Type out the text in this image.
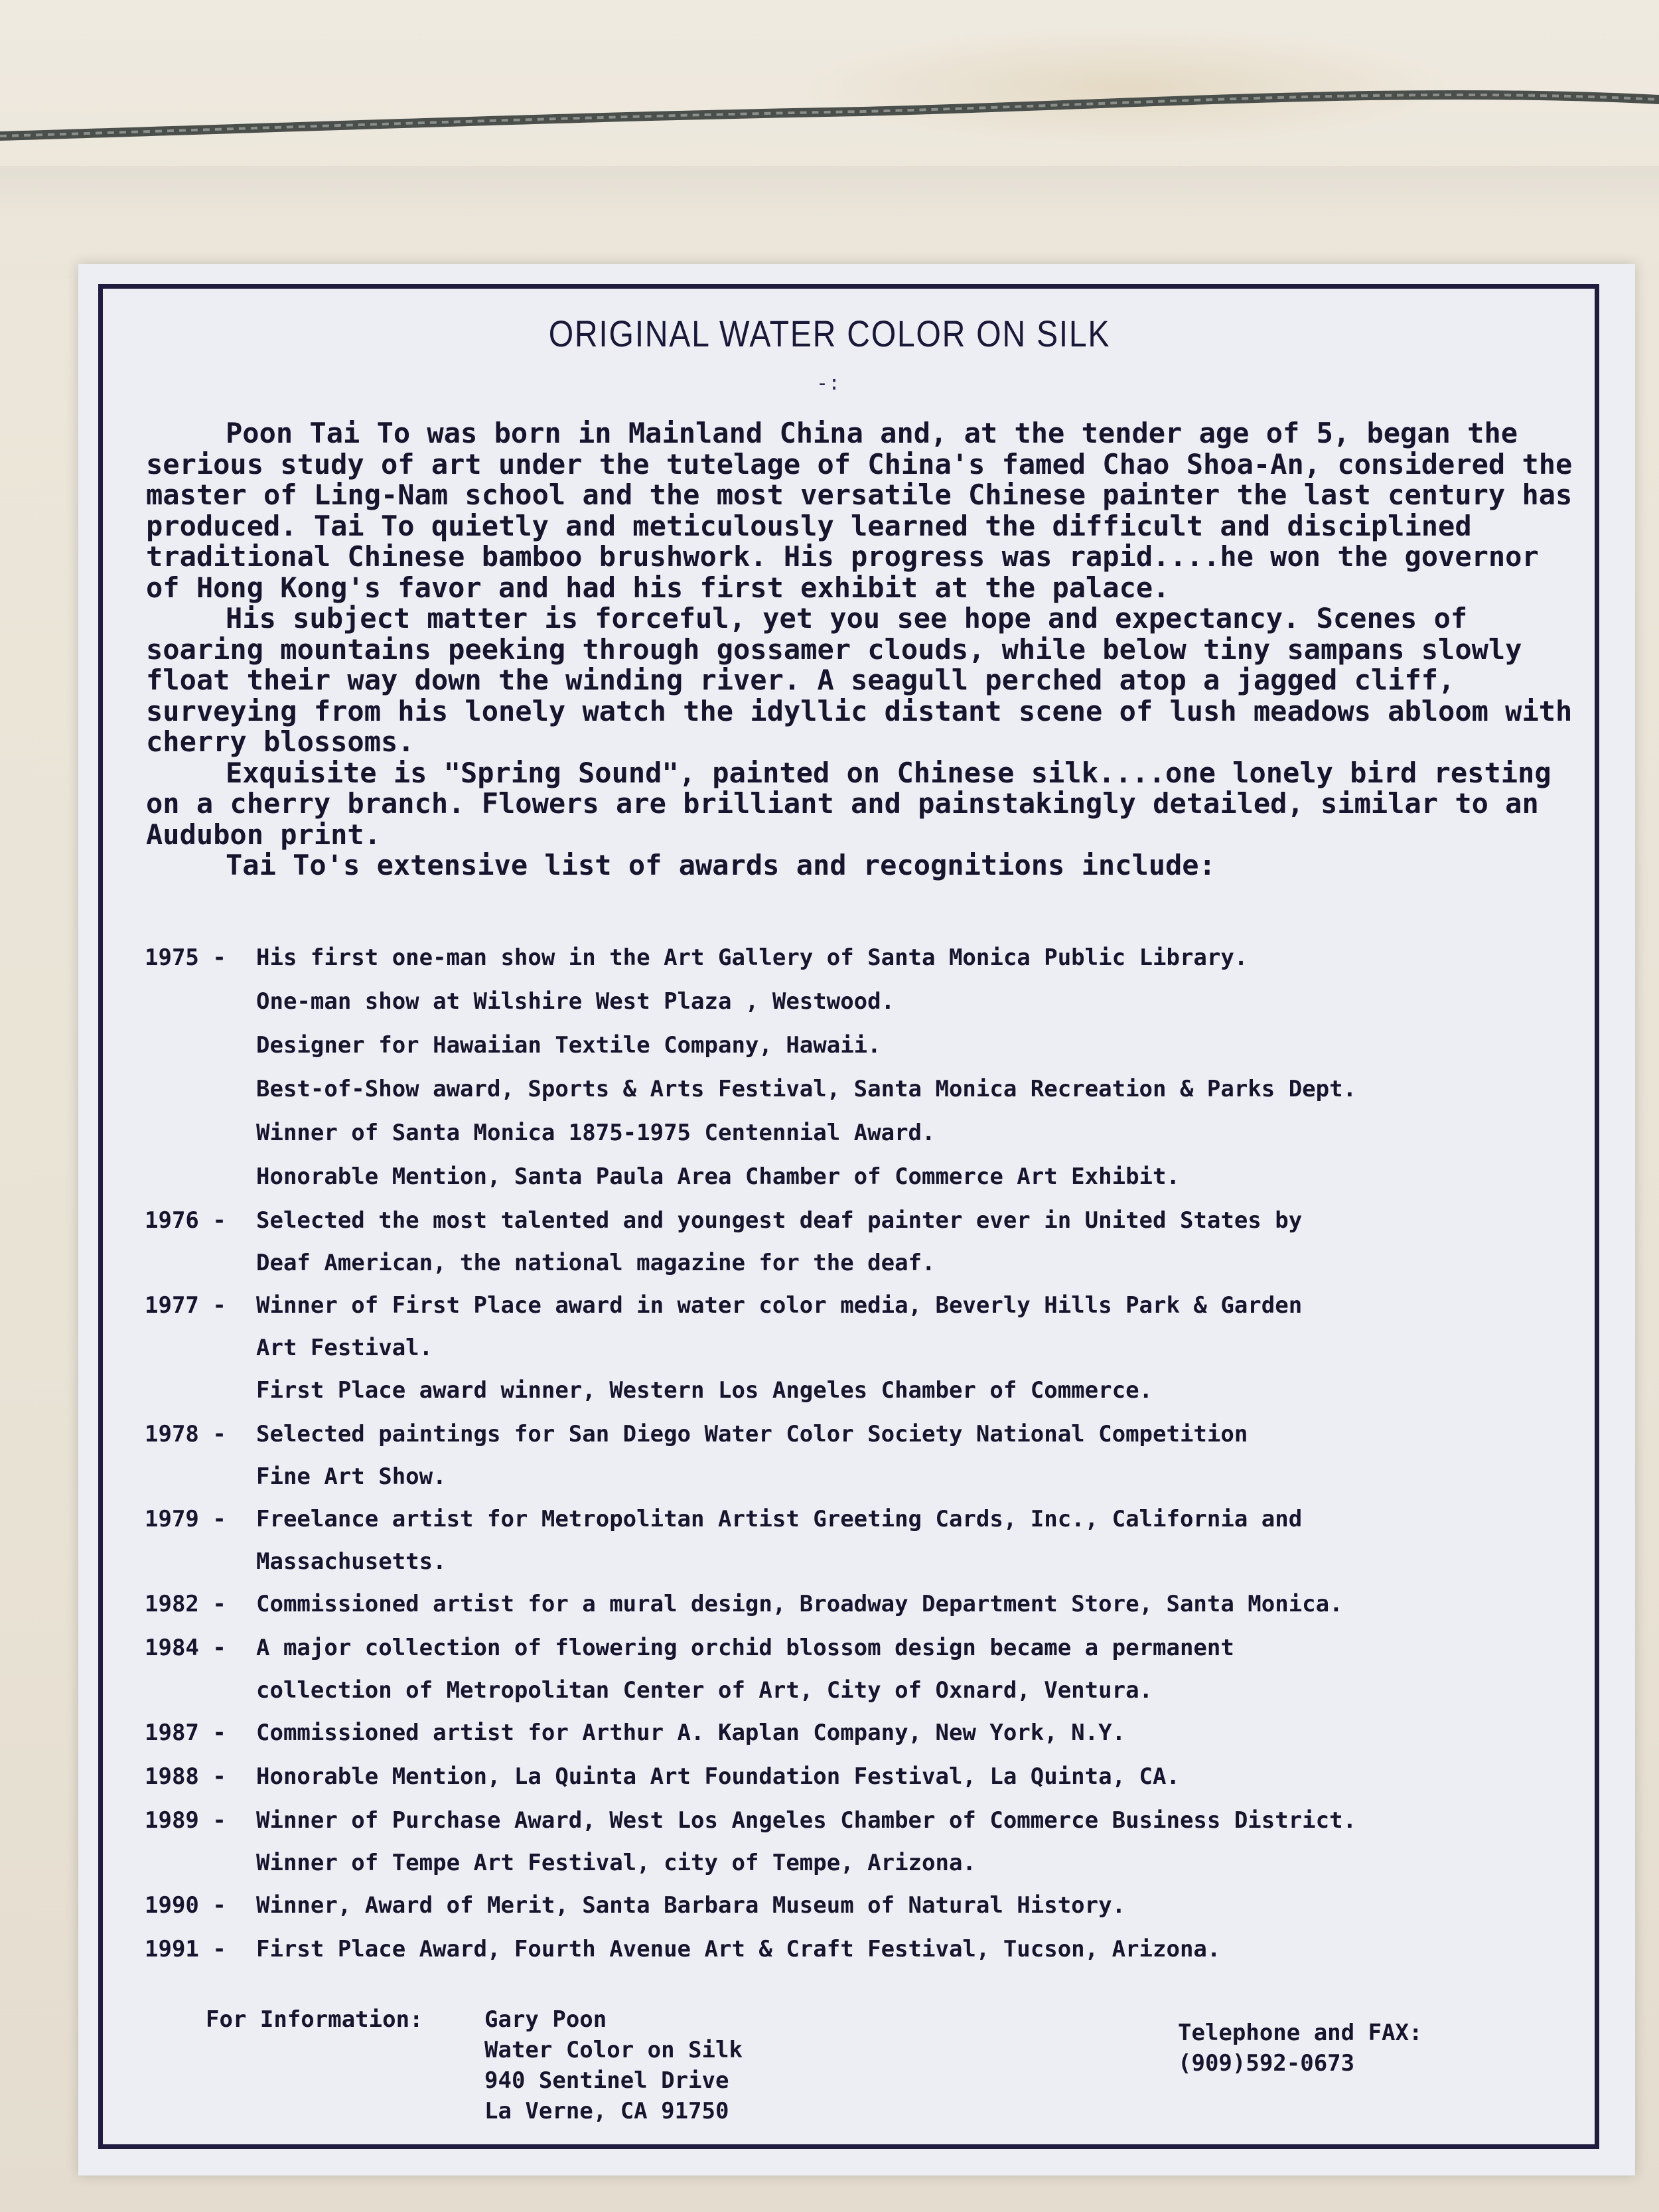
ORIGINAL WATER COLOR ON SILK
-:

Poon Tai To was born in Mainland China and, at the tender age of 5, began the serious study of art under the tutelage of China's famed Chao Shoa-An, considered the master of Ling-Nam school and the most versatile Chinese painter the last century has produced. Tai To quietly and meticulously learned the difficult and disciplined traditional Chinese bamboo brushwork. His progress was rapid....he won the governor of Hong Kong's favor and had his first exhibit at the palace.

His subject matter is forceful, yet you see hope and expectancy. Scenes of soaring mountains peeking through gossamer clouds, while below tiny sampans slowly float their way down the winding river. A seagull perched atop a jagged cliff, surveying from his lonely watch the idyllic distant scene of lush meadows abloom with cherry blossoms.

Exquisite is "Spring Sound", painted on Chinese silk....one lonely bird resting on a cherry branch. Flowers are brilliant and painstakingly detailed, similar to an Audubon print.

Tai To's extensive list of awards and recognitions include:

1975 -	His first one-man show in the Art Gallery of Santa Monica Public Library.
One-man show at Wilshire West Plaza , Westwood.
Designer for Hawaiian Textile Company, Hawaii.
Best-of-Show award, Sports & Arts Festival, Santa Monica Recreation & Parks Dept.
Winner of Santa Monica 1875-1975 Centennial Award.
Honorable Mention, Santa Paula Area Chamber of Commerce Art Exhibit.
1976 -	Selected the most talented and youngest deaf painter ever in United States by
Deaf American, the national magazine for the deaf.
1977 -	Winner of First Place award in water color media, Beverly Hills Park & Garden
Art Festival.
First Place award winner, Western Los Angeles Chamber of Commerce.
1978 -	Selected paintings for San Diego Water Color Society National Competition
Fine Art Show.
1979 -	Freelance artist for Metropolitan Artist Greeting Cards, Inc., California and
Massachusetts.
1982 -	Commissioned artist for a mural design, Broadway Department Store, Santa Monica.
1984 -	A major collection of flowering orchid blossom design became a permanent
collection of Metropolitan Center of Art, City of Oxnard, Ventura.
1987 -	Commissioned artist for Arthur A. Kaplan Company, New York, N.Y.
1988 -	Honorable Mention, La Quinta Art Foundation Festival, La Quinta, CA.
1989 -	Winner of Purchase Award, West Los Angeles Chamber of Commerce Business District.
Winner of Tempe Art Festival, city of Tempe, Arizona.
1990 -	Winner, Award of Merit, Santa Barbara Museum of Natural History.
1991 -	First Place Award, Fourth Avenue Art & Craft Festival, Tucson, Arizona.
For Information:	Gary Poon
Water Color on Silk
940 Sentinel Drive
La Verne, CA 91750
Telephone and FAX:
(909)592-0673
